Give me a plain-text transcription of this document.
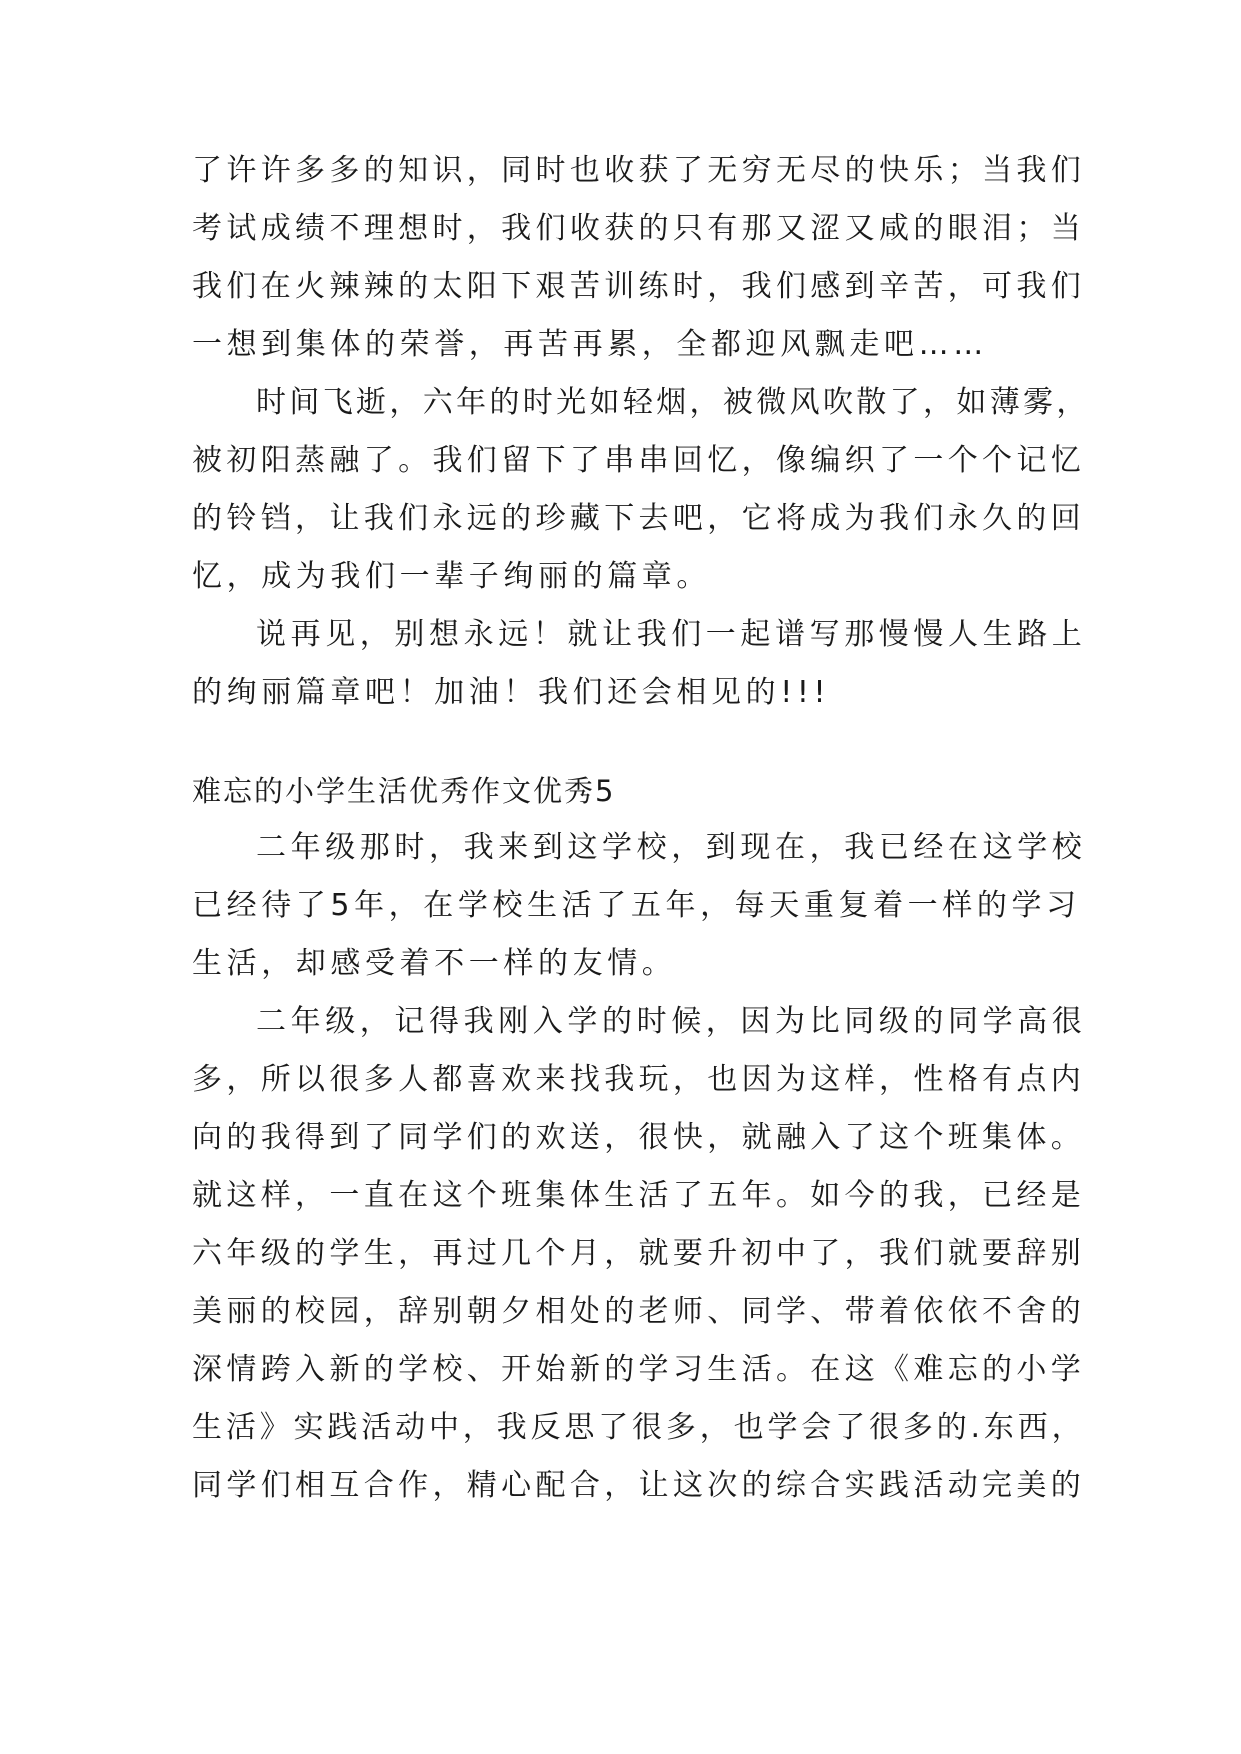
了许许多多的知识，同时也收获了无穷无尽的快乐；当我们
考试成绩不理想时，我们收获的只有那又涩又咸的眼泪；当
我们在火辣辣的太阳下艰苦训练时，我们感到辛苦，可我们
一想到集体的荣誉，再苦再累，全都迎风飘走吧……
时间飞逝，六年的时光如轻烟，被微风吹散了，如薄雾，
被初阳蒸融了。我们留下了串串回忆，像编织了一个个记忆
的铃铛，让我们永远的珍藏下去吧，它将成为我们永久的回
忆，成为我们一辈子绚丽的篇章。
说再见，别想永远！就让我们一起谱写那慢慢人生路上
的绚丽篇章吧！加油！我们还会相见的!!!
难忘的小学生活优秀作文优秀5
二年级那时，我来到这学校，到现在，我已经在这学校
已经待了5年，在学校生活了五年，每天重复着一样的学习
生活，却感受着不一样的友情。
二年级，记得我刚入学的时候，因为比同级的同学高很
多，所以很多人都喜欢来找我玩，也因为这样，性格有点内
向的我得到了同学们的欢送，很快，就融入了这个班集体。
就这样，一直在这个班集体生活了五年。如今的我，已经是
六年级的学生，再过几个月，就要升初中了，我们就要辞别
美丽的校园，辞别朝夕相处的老师、同学、带着依依不舍的
深情跨入新的学校、开始新的学习生活。在这《难忘的小学
生活》实践活动中，我反思了很多，也学会了很多的.东西，
同学们相互合作，精心配合，让这次的综合实践活动完美的
